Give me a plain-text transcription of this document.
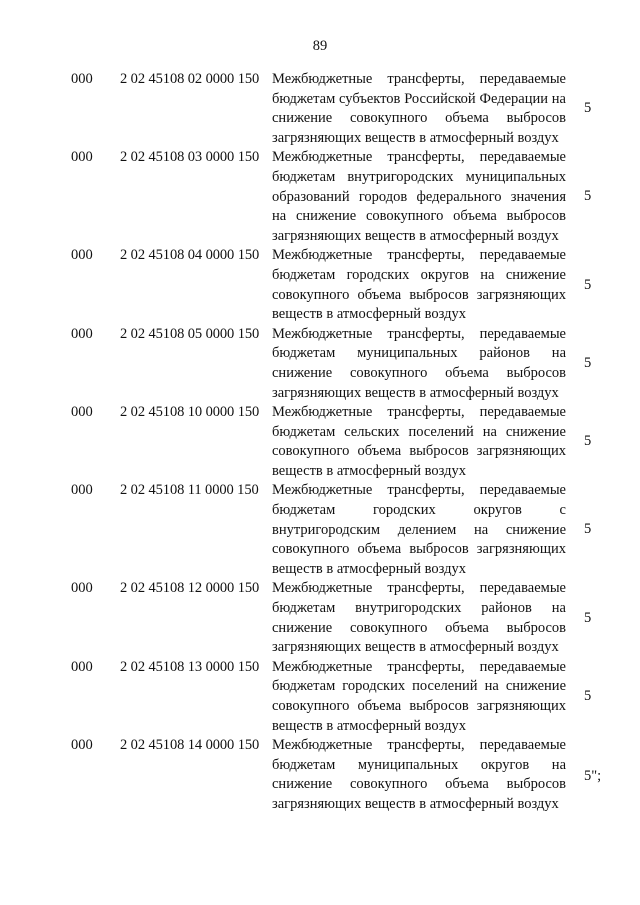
89
000 2 02 45108 02 0000 150 Межбюджетные трансферты, передаваемые бюджетам субъектов Российской Федерации на снижение совокупного объема выбросов загрязняющих веществ в атмосферный воздух
5
000 2 02 45108 03 0000 150 Межбюджетные трансферты, передаваемые бюджетам внутригородских муниципальных образований городов федерального значения на снижение совокупного объема выбросов загрязняющих веществ в атмосферный воздух
5
000 2 02 45108 04 0000 150 Межбюджетные трансферты, передаваемые бюджетам городских округов на снижение совокупного объема выбросов загрязняющих веществ в атмосферный воздух
5
000 2 02 45108 05 0000 150 Межбюджетные трансферты, передаваемые бюджетам муниципальных районов на снижение совокупного объема выбросов загрязняющих веществ в атмосферный воздух
5
000 2 02 45108 10 0000 150 Межбюджетные трансферты, передаваемые бюджетам сельских поселений на снижение совокупного объема выбросов загрязняющих веществ в атмосферный воздух
5
000 2 02 45108 11 0000 150 Межбюджетные трансферты, передаваемые бюджетам городских округов с внутригородским делением на снижение совокупного объема выбросов загрязняющих веществ в атмосферный воздух
5
000 2 02 45108 12 0000 150 Межбюджетные трансферты, передаваемые бюджетам внутригородских районов на снижение совокупного объема выбросов загрязняющих веществ в атмосферный воздух
5
000 2 02 45108 13 0000 150 Межбюджетные трансферты, передаваемые бюджетам городских поселений на снижение совокупного объема выбросов загрязняющих веществ в атмосферный воздух
5
000 2 02 45108 14 0000 150 Межбюджетные трансферты, передаваемые бюджетам муниципальных округов на снижение совокупного объема выбросов загрязняющих веществ в атмосферный воздух
5";
